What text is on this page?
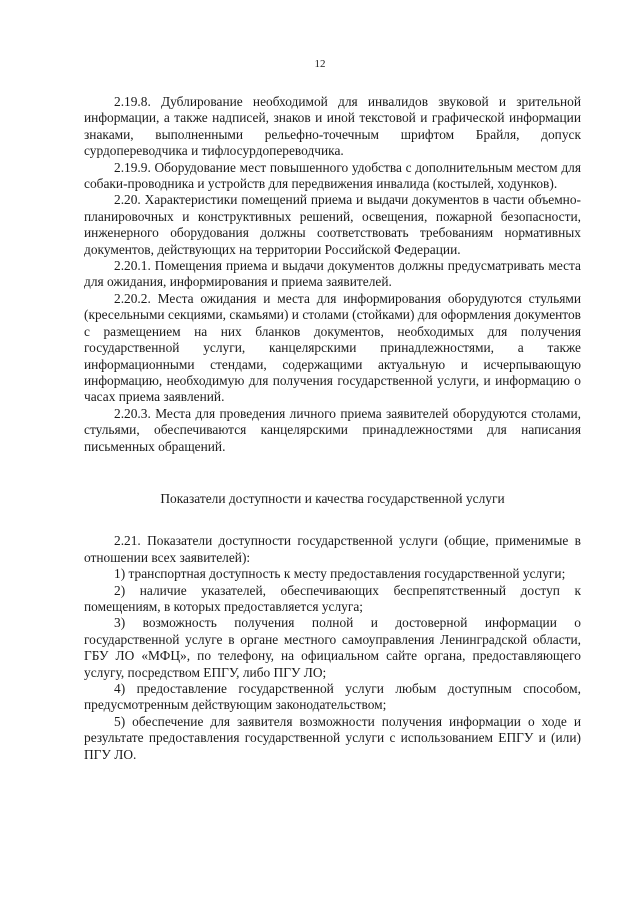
12

2.19.8. Дублирование необходимой для инвалидов звуковой и зрительной информации, а также надписей, знаков и иной текстовой и графической информации знаками, выполненными рельефно-точечным шрифтом Брайля, допуск сурдопереводчика и тифлосурдопереводчика.

2.19.9. Оборудование мест повышенного удобства с дополнительным местом для собаки-проводника и устройств для передвижения инвалида (костылей, ходунков).

2.20. Характеристики помещений приема и выдачи документов в части объемно-планировочных и конструктивных решений, освещения, пожарной безопасности, инженерного оборудования должны соответствовать требованиям нормативных документов, действующих на территории Российской Федерации.

2.20.1. Помещения приема и выдачи документов должны предусматривать места для ожидания, информирования и приема заявителей.

2.20.2. Места ожидания и места для информирования оборудуются стульями (кресельными секциями, скамьями) и столами (стойками) для оформления документов с размещением на них бланков документов, необходимых для получения государственной услуги, канцелярскими принадлежностями, а также информационными стендами, содержащими актуальную и исчерпывающую информацию, необходимую для получения государственной услуги, и информацию о часах приема заявлений.

2.20.3. Места для проведения личного приема заявителей оборудуются столами, стульями, обеспечиваются канцелярскими принадлежностями для написания письменных обращений.

Показатели доступности и качества государственной услуги

2.21. Показатели доступности государственной услуги (общие, применимые в отношении всех заявителей):

1) транспортная доступность к месту предоставления государственной услуги;

2) наличие указателей, обеспечивающих беспрепятственный доступ к помещениям, в которых предоставляется услуга;

3) возможность получения полной и достоверной информации о государственной услуге в органе местного самоуправления Ленинградской области, ГБУ ЛО «МФЦ», по телефону, на официальном сайте органа, предоставляющего услугу, посредством ЕПГУ, либо ПГУ ЛО;

4) предоставление государственной услуги любым доступным способом, предусмотренным действующим законодательством;

5) обеспечение для заявителя возможности получения информации о ходе и результате предоставления государственной услуги с использованием ЕПГУ и (или) ПГУ ЛО.
